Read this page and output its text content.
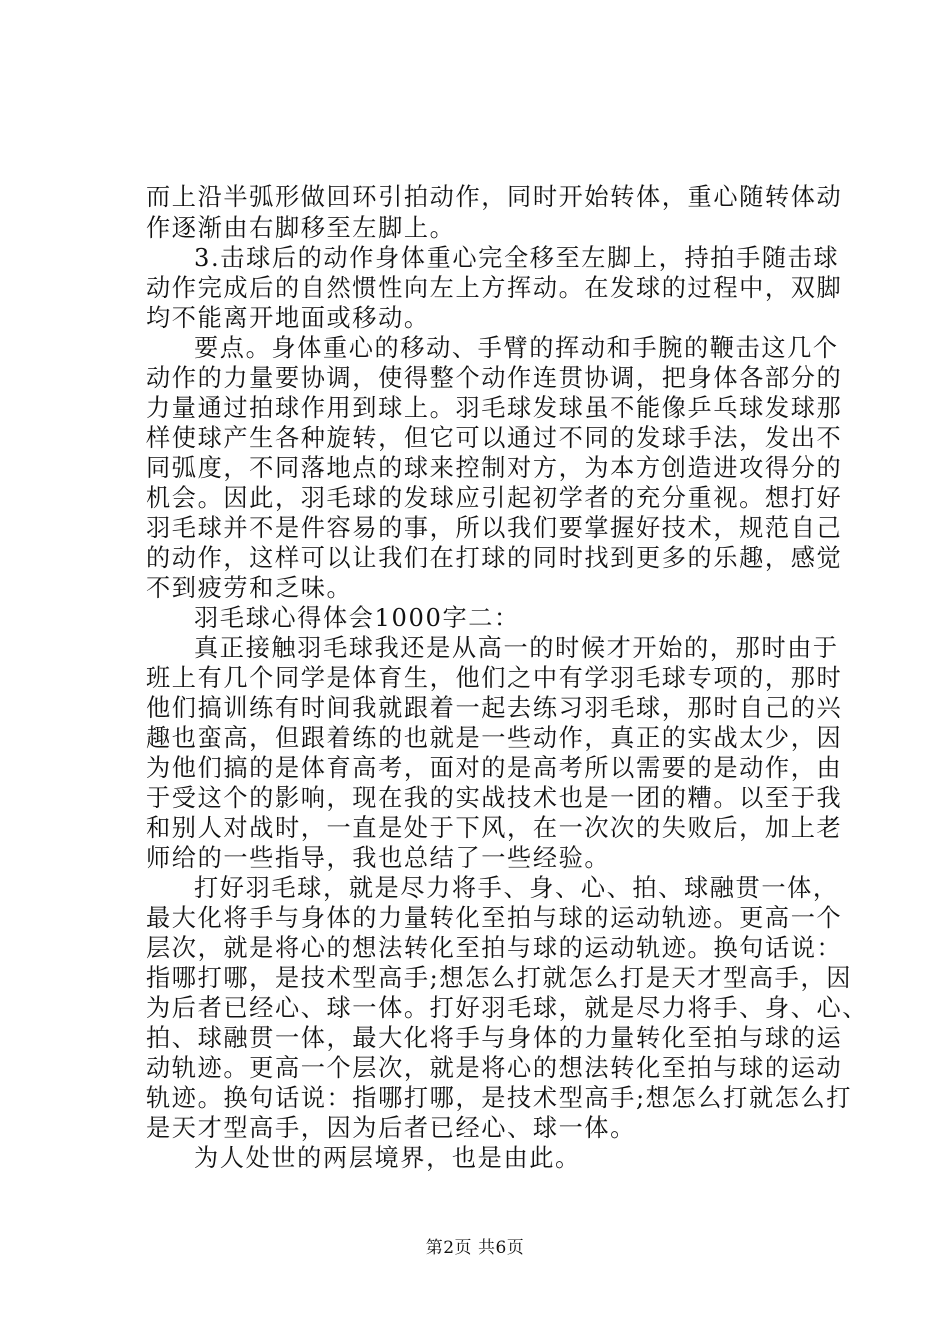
而上沿半弧形做回环引拍动作，同时开始转体，重心随转体动
作逐渐由右脚移至左脚上。
3.击球后的动作身体重心完全移至左脚上，持拍手随击球
动作完成后的自然惯性向左上方挥动。在发球的过程中，双脚
均不能离开地面或移动。
要点。身体重心的移动、手臂的挥动和手腕的鞭击这几个
动作的力量要协调，使得整个动作连贯协调，把身体各部分的
力量通过拍球作用到球上。羽毛球发球虽不能像乒乓球发球那
样使球产生各种旋转，但它可以通过不同的发球手法，发出不
同弧度，不同落地点的球来控制对方，为本方创造进攻得分的
机会。因此，羽毛球的发球应引起初学者的充分重视。想打好
羽毛球并不是件容易的事，所以我们要掌握好技术，规范自己
的动作，这样可以让我们在打球的同时找到更多的乐趣，感觉
不到疲劳和乏味。
羽毛球心得体会1000字二：
真正接触羽毛球我还是从高一的时候才开始的，那时由于
班上有几个同学是体育生，他们之中有学羽毛球专项的，那时
他们搞训练有时间我就跟着一起去练习羽毛球，那时自己的兴
趣也蛮高，但跟着练的也就是一些动作，真正的实战太少，因
为他们搞的是体育高考，面对的是高考所以需要的是动作，由
于受这个的影响，现在我的实战技术也是一团的糟。以至于我
和别人对战时，一直是处于下风，在一次次的失败后，加上老
师给的一些指导，我也总结了一些经验。
打好羽毛球，就是尽力将手、身、心、拍、球融贯一体，
最大化将手与身体的力量转化至拍与球的运动轨迹。更高一个
层次，就是将心的想法转化至拍与球的运动轨迹。换句话说：
指哪打哪，是技术型高手;想怎么打就怎么打是天才型高手，因
为后者已经心、球一体。打好羽毛球，就是尽力将手、身、心、
拍、球融贯一体，最大化将手与身体的力量转化至拍与球的运
动轨迹。更高一个层次，就是将心的想法转化至拍与球的运动
轨迹。换句话说：指哪打哪，是技术型高手;想怎么打就怎么打
是天才型高手，因为后者已经心、球一体。
为人处世的两层境界，也是由此。
第2页 共6页
